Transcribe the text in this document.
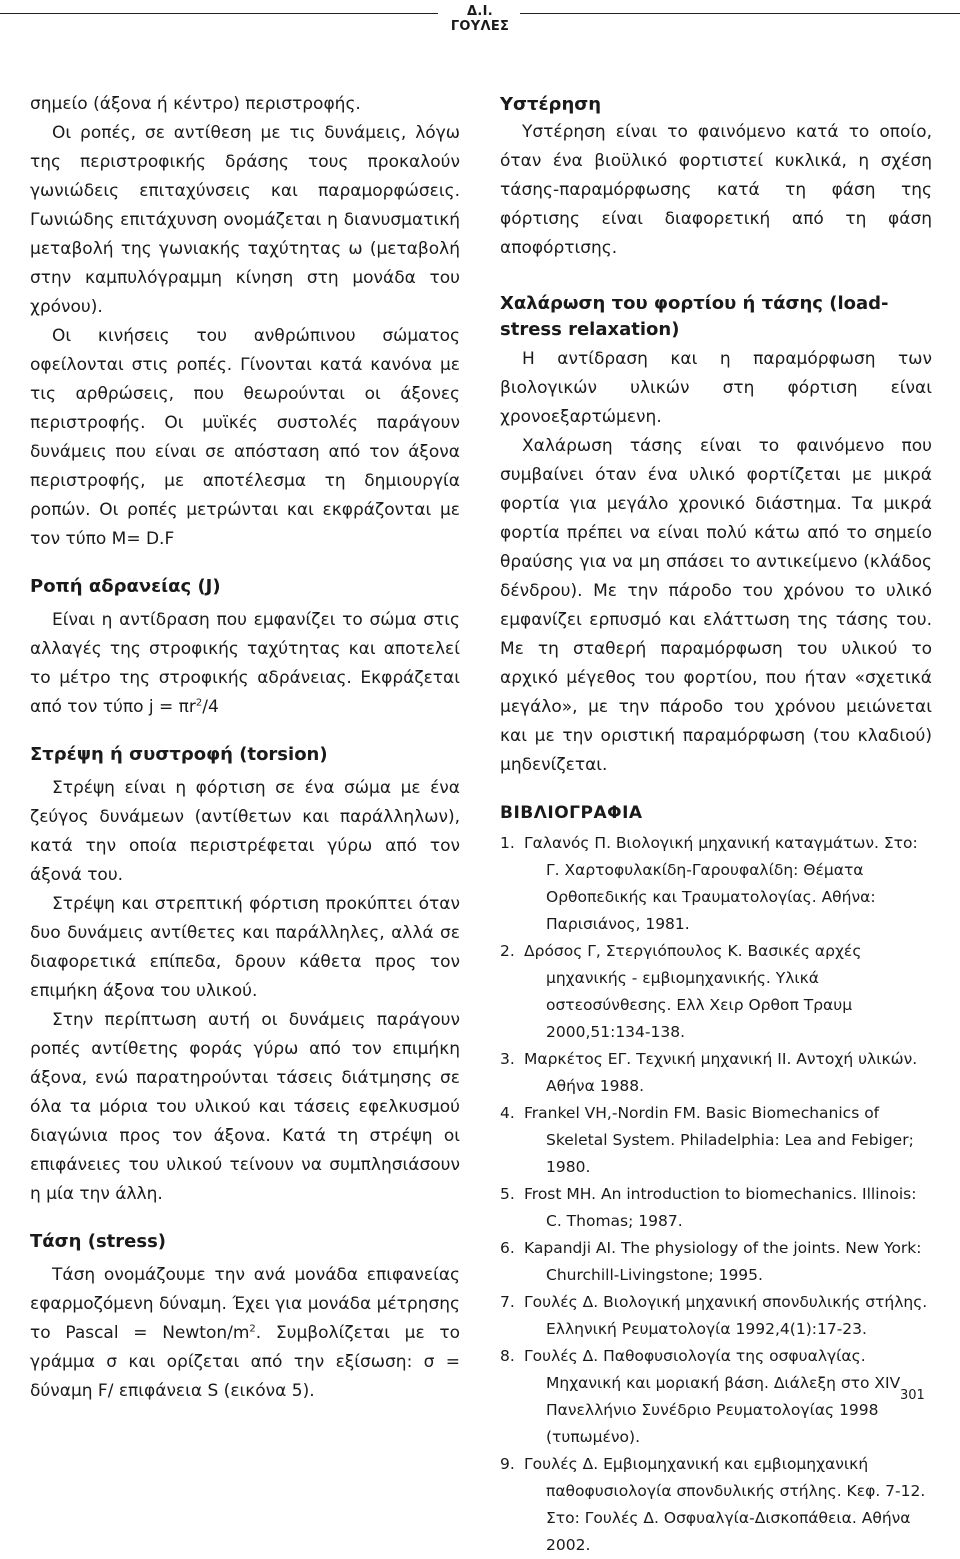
Δ.Ι. ΓΟΥΛΕΣ

σημείο (άξονα ή κέντρο) περιστροφής.

Οι ροπές, σε αντίθεση με τις δυνάμεις, λόγω της περιστροφικής δράσης τους προκαλούν γωνιώδεις επιταχύνσεις και παραμορφώσεις. Γωνιώδης επιτάχυνση ονομάζεται η διανυσματική μεταβολή της γωνιακής ταχύτητας ω (μεταβολή στην καμπυλόγραμμη κίνηση στη μονάδα του χρόνου).

Οι κινήσεις του ανθρώπινου σώματος οφείλονται στις ροπές. Γίνονται κατά κανόνα με τις αρθρώσεις, που θεωρούνται οι άξονες περιστροφής. Οι μυϊκές συστολές παράγουν δυνάμεις που είναι σε απόσταση από τον άξονα περιστροφής, με αποτέλεσμα τη δημιουργία ροπών. Οι ροπές μετρώνται και εκφράζονται με τον τύπο M= D.F

Ροπή αδρανείας (J)

Είναι η αντίδραση που εμφανίζει το σώμα στις αλλαγές της στροφικής ταχύτητας και αποτελεί το μέτρο της στροφικής αδράνειας. Εκφράζεται από τον τύπο $j = \pi r^2/4$

Στρέψη ή συστροφή (torsion)

Στρέψη είναι η φόρτιση σε ένα σώμα με ένα ζεύγος δυνάμεων (αντίθετων και παράλληλων), κατά την οποία περιστρέφεται γύρω από τον άξονά του.

Στρέψη και στρεπτική φόρτιση προκύπτει όταν δυο δυνάμεις αντίθετες και παράλληλες, αλλά σε διαφορετικά επίπεδα, δρουν κάθετα προς τον επιμήκη άξονα του υλικού.

Στην περίπτωση αυτή οι δυνάμεις παράγουν ροπές αντίθετης φοράς γύρω από τον επιμήκη άξονα, ενώ παρατηρούνται τάσεις διάτμησης σε όλα τα μόρια του υλικού και τάσεις εφελκυσμού διαγώνια προς τον άξονα. Κατά τη στρέψη οι επιφάνειες του υλικού τείνουν να συμπλησιάσουν η μία την άλλη.

Τάση (stress)

Τάση ονομάζουμε την ανά μονάδα επιφανείας εφαρμοζόμενη δύναμη. Έχει για μονάδα μέτρησης το Pascal = Newton/$m^2$. Συμβολίζεται με το γράμμα σ και ορίζεται από την εξίσωση: σ = δύναμη F/ επιφάνεια S (εικόνα 5).

Υστέρηση

Υστέρηση είναι το φαινόμενο κατά το οποίο, όταν ένα βιοϋλικό φορτιστεί κυκλικά, η σχέση τάσης-παραμόρφωσης κατά τη φάση της φόρτισης είναι διαφορετική από τη φάση αποφόρτισης.

Χαλάρωση του φορτίου ή τάσης (load-stress relaxation)

Η αντίδραση και η παραμόρφωση των βιολογικών υλικών στη φόρτιση είναι χρονοεξαρτώμενη.

Χαλάρωση τάσης είναι το φαινόμενο που συμβαίνει όταν ένα υλικό φορτίζεται με μικρά φορτία για μεγάλο χρονικό διάστημα. Τα μικρά φορτία πρέπει να είναι πολύ κάτω από το σημείο θραύσης για να μη σπάσει το αντικείμενο (κλάδος δένδρου). Με την πάροδο του χρόνου το υλικό εμφανίζει ερπυσμό και ελάττωση της τάσης του. Με τη σταθερή παραμόρφωση του υλικού το αρχικό μέγεθος του φορτίου, που ήταν «σχετικά μεγάλο», με την πάροδο του χρόνου μειώνεται και με την οριστική παραμόρφωση (του κλαδιού) μηδενίζεται.

ΒΙΒΛΙΟΓΡΑΦΙΑ
1. Γαλανός Π. Βιολογική μηχανική καταγμάτων. Στο: Γ. Χαρτοφυλακίδη-Γαρουφαλίδη: Θέματα Ορθοπεδικής και Τραυματολογίας. Αθήνα: Παρισιάνος, 1981.
2. Δρόσος Γ, Στεργιόπουλος Κ. Βασικές αρχές μηχανικής - εμβιομηχανικής. Υλικά οστεοσύνθεσης. Ελλ Χειρ Ορθοπ Τραυμ 2000,51:134-138.
3. Μαρκέτος ΕΓ. Τεχνική μηχανική ΙΙ. Αντοχή υλικών. Αθήνα 1988.
4. Frankel VH,-Nordin FM. Basic Biomechanics of Skeletal System. Philadelphia: Lea and Febiger; 1980.
5. Frost MH. An introduction to biomechanics. Illinois: C. Thomas; 1987.
6. Kapandji AI. The physiology of the joints. New York: Churchill-Livingstone; 1995.
7. Γουλές Δ. Βιολογική μηχανική σπονδυλικής στήλης. Ελληνική Ρευματολογία 1992,4(1):17-23.
8. Γουλές Δ. Παθοφυσιολογία της οσφυαλγίας. Μηχανική και μοριακή βάση. Διάλεξη στο XIV Πανελλήνιο Συνέδριο Ρευματολογίας 1998 (τυπωμένο).
9. Γουλές Δ. Εμβιομηχανική και εμβιομηχανική παθοφυσιολογία σπονδυλικής στήλης. Κεφ. 7-12. Στο: Γουλές Δ. Οσφυαλγία-Δισκοπάθεια. Αθήνα 2002.
301
